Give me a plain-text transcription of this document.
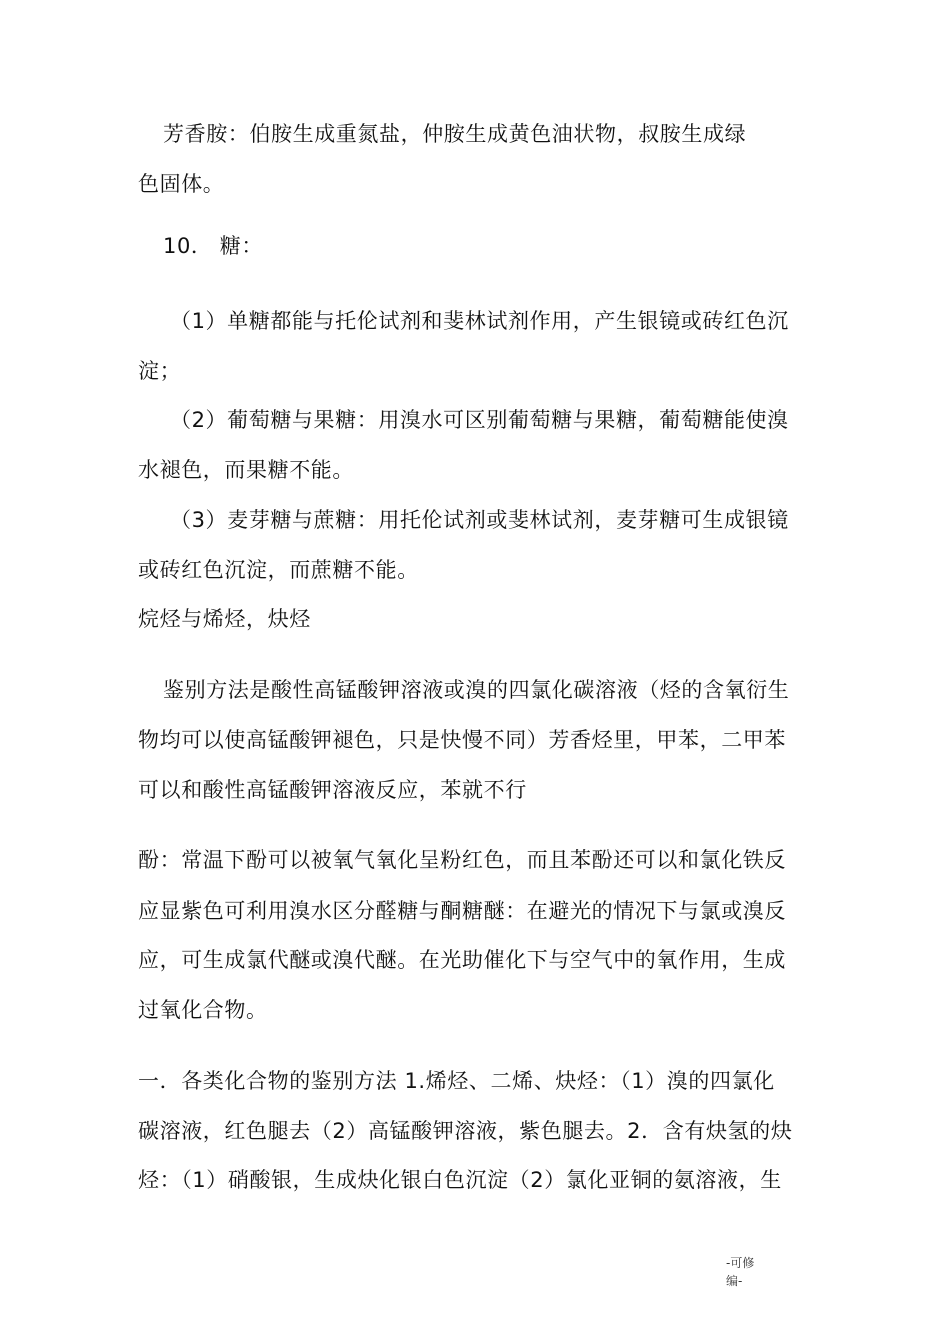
芳香胺：伯胺生成重氮盐，仲胺生成黄色油状物，叔胺生成绿

色固体。

10． 糖：

（1）单糖都能与托伦试剂和斐林试剂作用，产生银镜或砖红色沉

淀；

（2）葡萄糖与果糖：用溴水可区别葡萄糖与果糖，葡萄糖能使溴

水褪色，而果糖不能。

（3）麦芽糖与蔗糖：用托伦试剂或斐林试剂，麦芽糖可生成银镜

或砖红色沉淀，而蔗糖不能。

烷烃与烯烃，炔烃

鉴别方法是酸性高锰酸钾溶液或溴的四氯化碳溶液（烃的含氧衍生

物均可以使高锰酸钾褪色，只是快慢不同）芳香烃里，甲苯，二甲苯

可以和酸性高锰酸钾溶液反应，苯就不行

酚：常温下酚可以被氧气氧化呈粉红色，而且苯酚还可以和氯化铁反

应显紫色可利用溴水区分醛糖与酮糖醚：在避光的情况下与氯或溴反

应，可生成氯代醚或溴代醚。在光助催化下与空气中的氧作用，生成

过氧化合物。

一．各类化合物的鉴别方法 1.烯烃、二烯、炔烃：（1）溴的四氯化

碳溶液，红色腿去（2）高锰酸钾溶液，紫色腿去。2．含有炔氢的炔

烃：（1）硝酸银，生成炔化银白色沉淀（2）氯化亚铜的氨溶液，生

-可修
编-
